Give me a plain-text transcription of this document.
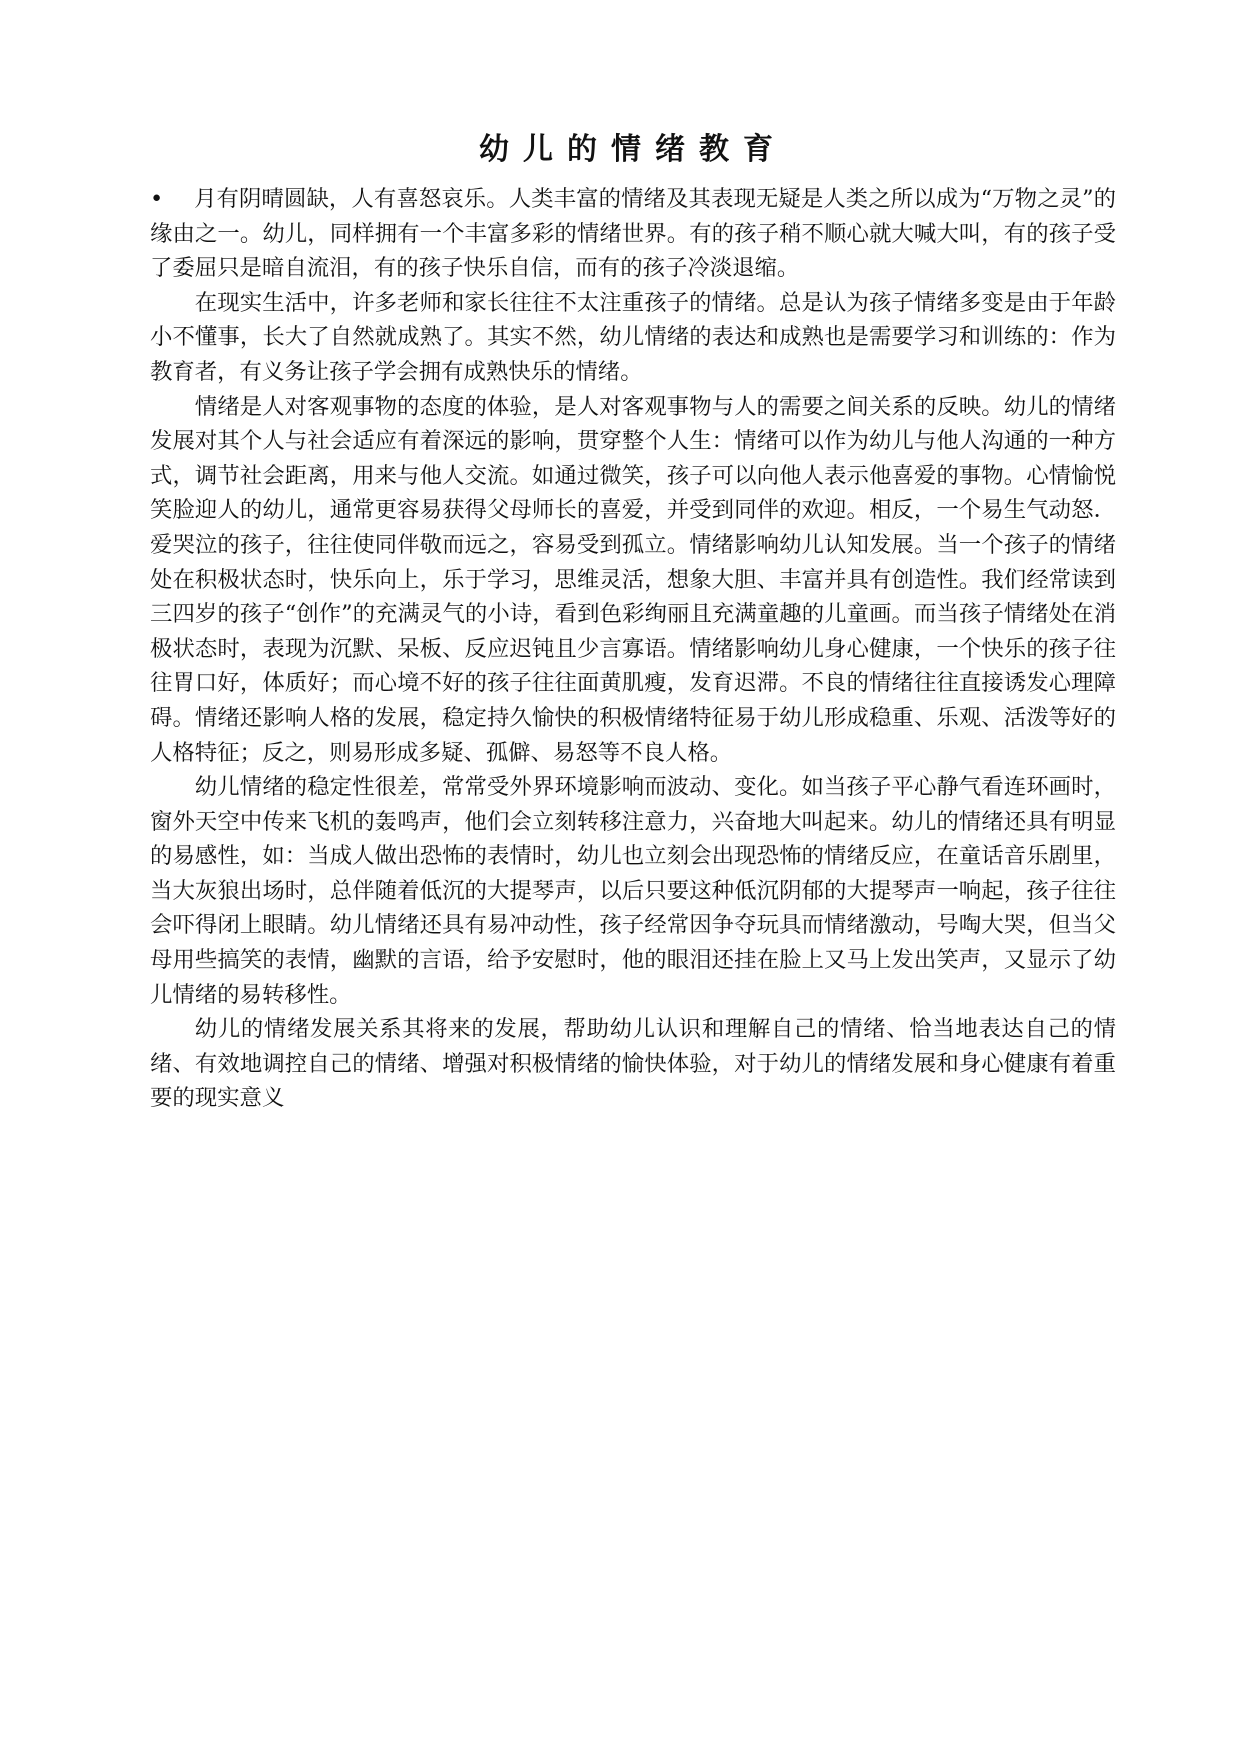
幼儿的情绪教育

• 月有阴晴圆缺，人有喜怒哀乐。人类丰富的情绪及其表现无疑是人类之所以成为“万物之灵”的缘由之一。幼儿，同样拥有一个丰富多彩的情绪世界。有的孩子稍不顺心就大喊大叫，有的孩子受了委屈只是暗自流泪，有的孩子快乐自信，而有的孩子冷淡退缩。

在现实生活中，许多老师和家长往往不太注重孩子的情绪。总是认为孩子情绪多变是由于年龄小不懂事，长大了自然就成熟了。其实不然，幼儿情绪的表达和成熟也是需要学习和训练的：作为教育者，有义务让孩子学会拥有成熟快乐的情绪。

情绪是人对客观事物的态度的体验，是人对客观事物与人的需要之间关系的反映。幼儿的情绪发展对其个人与社会适应有着深远的影响，贯穿整个人生：情绪可以作为幼儿与他人沟通的一种方式，调节社会距离，用来与他人交流。如通过微笑，孩子可以向他人表示他喜爱的事物。心情愉悦笑脸迎人的幼儿，通常更容易获得父母师长的喜爱，并受到同伴的欢迎。相反，一个易生气动怒．爱哭泣的孩子，往往使同伴敬而远之，容易受到孤立。情绪影响幼儿认知发展。当一个孩子的情绪处在积极状态时，快乐向上，乐于学习，思维灵活，想象大胆、丰富并具有创造性。我们经常读到三四岁的孩子“创作”的充满灵气的小诗，看到色彩绚丽且充满童趣的儿童画。而当孩子情绪处在消极状态时，表现为沉默、呆板、反应迟钝且少言寡语。情绪影响幼儿身心健康，一个快乐的孩子往往胃口好，体质好；而心境不好的孩子往往面黄肌瘦，发育迟滞。不良的情绪往往直接诱发心理障碍。情绪还影响人格的发展，稳定持久愉快的积极情绪特征易于幼儿形成稳重、乐观、活泼等好的人格特征；反之，则易形成多疑、孤僻、易怒等不良人格。

幼儿情绪的稳定性很差，常常受外界环境影响而波动、变化。如当孩子平心静气看连环画时，窗外天空中传来飞机的轰鸣声，他们会立刻转移注意力，兴奋地大叫起来。幼儿的情绪还具有明显的易感性，如：当成人做出恐怖的表情时，幼儿也立刻会出现恐怖的情绪反应，在童话音乐剧里，当大灰狼出场时，总伴随着低沉的大提琴声，以后只要这种低沉阴郁的大提琴声一响起，孩子往往会吓得闭上眼睛。幼儿情绪还具有易冲动性，孩子经常因争夺玩具而情绪激动，号啕大哭，但当父母用些搞笑的表情，幽默的言语，给予安慰时，他的眼泪还挂在脸上又马上发出笑声，又显示了幼儿情绪的易转移性。

幼儿的情绪发展关系其将来的发展，帮助幼儿认识和理解自己的情绪、恰当地表达自己的情绪、有效地调控自己的情绪、增强对积极情绪的愉快体验，对于幼儿的情绪发展和身心健康有着重要的现实意义
